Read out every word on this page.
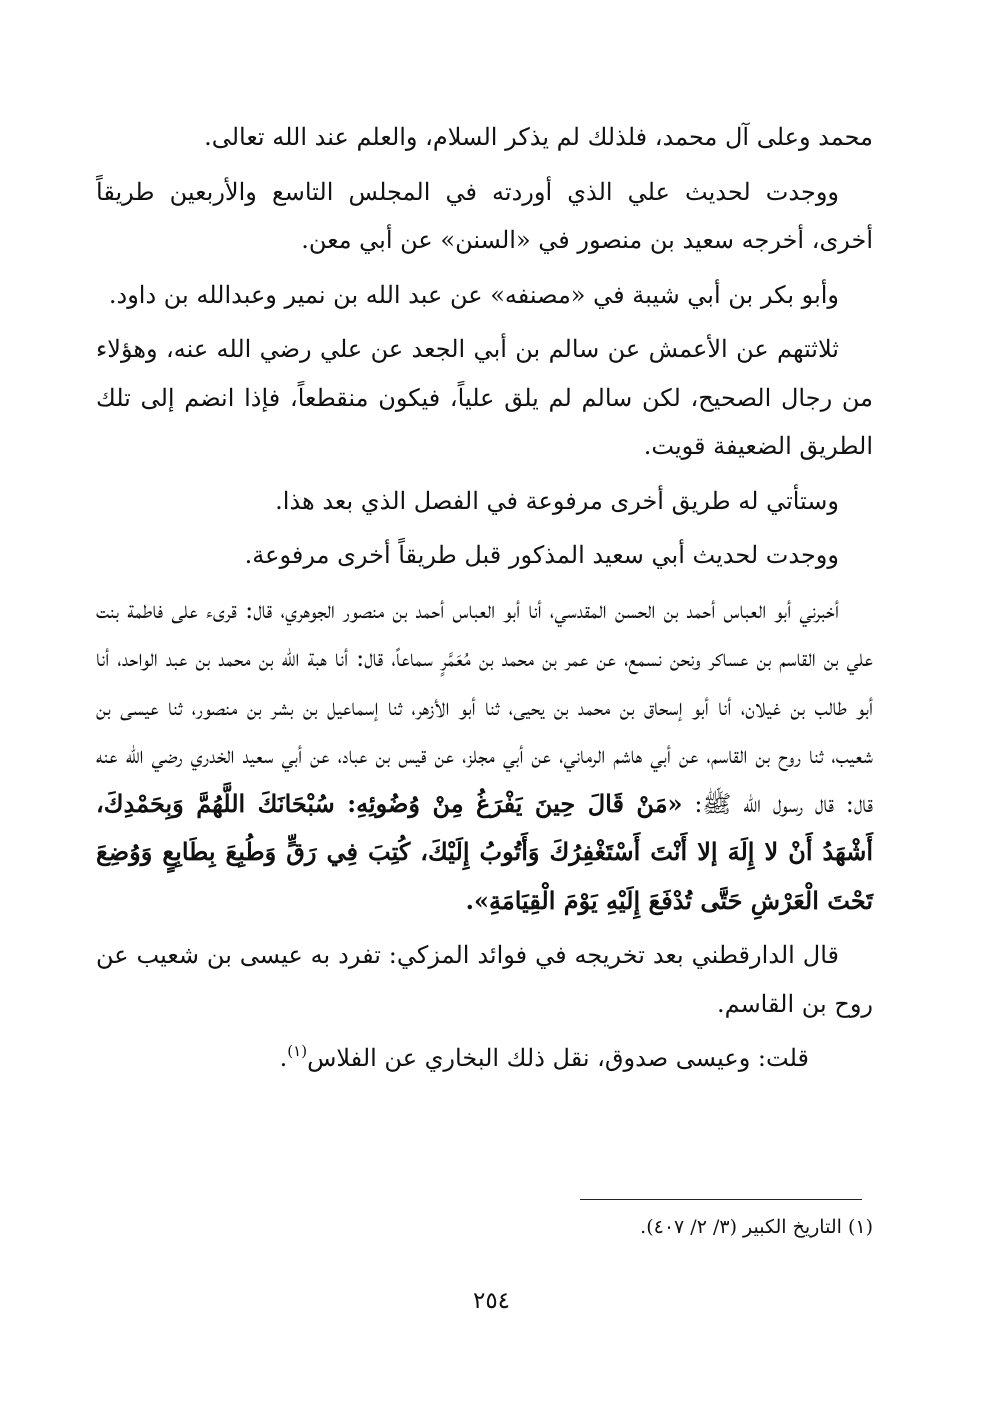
محمد وعلى آل محمد، فلذلك لم يذكر السلام، والعلم عند الله تعالى.

ووجدت لحديث علي الذي أوردته في المجلس التاسع والأربعين طريقاً أخرى، أخرجه سعيد بن منصور في «السنن» عن أبي معن.

وأبو بكر بن أبي شيبة في «مصنفه» عن عبد الله بن نمير وعبدالله بن داود.

ثلاثتهم عن الأعمش عن سالم بن أبي الجعد عن علي رضي الله عنه، وهؤلاء من رجال الصحيح، لكن سالم لم يلق علياً، فيكون منقطعاً، فإذا انضم إلى تلك الطريق الضعيفة قويت.

وستأتي له طريق أخرى مرفوعة في الفصل الذي بعد هذا.

ووجدت لحديث أبي سعيد المذكور قبل طريقاً أخرى مرفوعة.

أخبرني أبو العباس أحمد بن الحسن المقدسي، أنا أبو العباس أحمد بن منصور الجوهري، قال: قرىء على فاطمة بنت علي بن القاسم بن عساكر ونحن نسمع، عن عمر بن محمد بن مُعَمَّرٍ سماعاً، قال: أنا هبة الله بن محمد بن عبد الواحد، أنا أبو طالب بن غيلان، أنا أبو إسحاق بن محمد بن يحيى، ثنا أبو الأزهر، ثنا إسماعيل بن بشر بن منصور، ثنا عيسى بن شعيب، ثنا روح بن القاسم، عن أبي هاشم الرماني، عن أبي مجلز، عن قيس بن عباد، عن أبي سعيد الخدري رضي الله عنه قال: قال رسول الله ﷺ: «مَنْ قَالَ حِينَ يَفْرَغُ مِنْ وُضُوئِهِ: سُبْحَانَكَ اللَّهُمَّ وَبِحَمْدِكَ، أَشْهَدُ أَنْ لا إِلَهَ إلا أَنْتَ أَسْتَغْفِرُكَ وَأَتُوبُ إِلَيْكَ، كُتِبَ فِي رَقٍّ وَطُبِعَ بِطَابِعٍ وَوُضِعَ تَحْتَ الْعَرْشِ حَتَّى تُدْفَعَ إِلَيْهِ يَوْمَ الْقِيَامَةِ».

قال الدارقطني بعد تخريجه في فوائد المزكي: تفرد به عيسى بن شعيب عن روح بن القاسم.

قلت: وعيسى صدوق، نقل ذلك البخاري عن الفلاس$^{(١)}$.

(١) التاريخ الكبير (٣/ ٢/ ٤٠٧).
٢٥٤
